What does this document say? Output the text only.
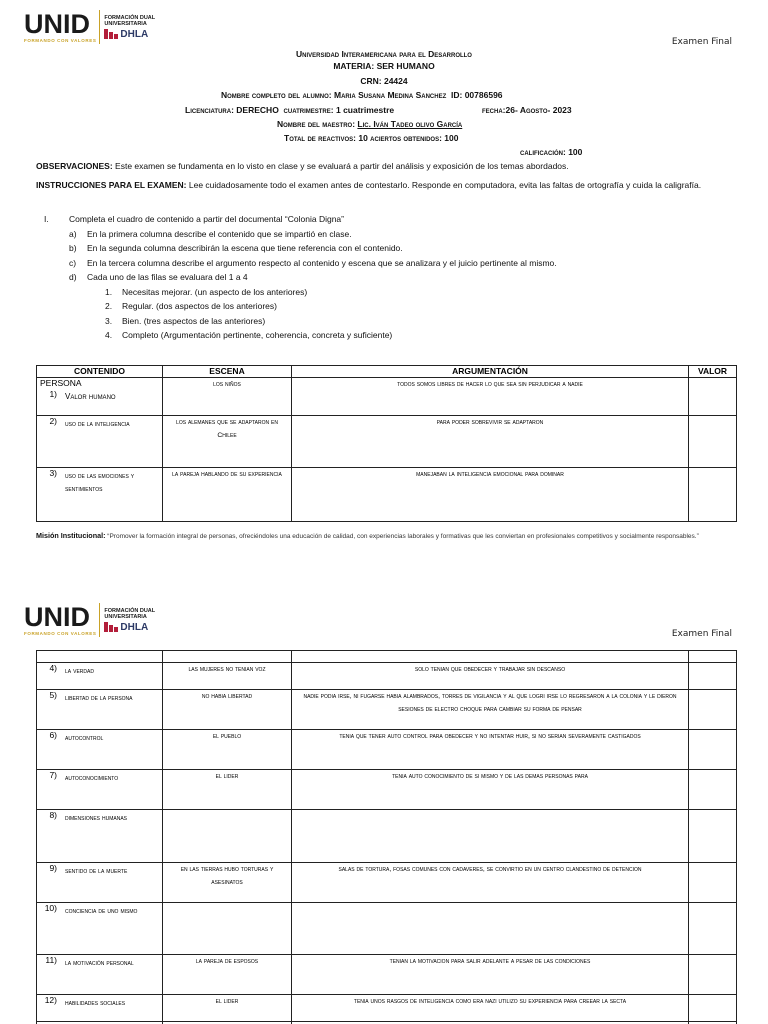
UNID
FORMANDO CON VALORES
FORMACIÓN DUAL
UNIVERSITARIA
DHLA
Examen Final
Universidad Interamericana para el Desarrollo
MATERIA: SER HUMANO
CRN: 24424
Nombre completo del alumno: Maria Susana Medina Sanchez ID: 00786596
Licenciatura: DERECHO cuatrimestre: 1 cuatrimestre	fecha:26- Agosto- 2023
Nombre del maestro: Lic. Iván Tadeo olivo García
Total de reactivos: 10 aciertos obtenidos: 100
calificación: 100
OBSERVACIONES: Este examen se fundamenta en lo visto en clase y se evaluará a partir del análisis y exposición de los temas abordados.
INSTRUCCIONES PARA EL EXAMEN: Lee cuidadosamente todo el examen antes de contestarlo. Responde en computadora, evita las faltas de ortografía y cuida la caligrafía.
I. Completa el cuadro de contenido a partir del documental “Colonia Digna”
a) En la primera columna describe el contenido que se impartió en clase.
b) En la segunda columna describirán la escena que tiene referencia con el contenido.
c) En la tercera columna describe el argumento respecto al contenido y escena que se analizara y el juicio pertinente al mismo.
d) Cada uno de las filas se evaluara del 1 a 4
1. Necesitas mejorar. (un aspecto de los anteriores)
2. Regular. (dos aspectos de los anteriores)
3. Bien. (tres aspectos de las anteriores)
4. Completo (Argumentación pertinente, coherencia, concreta y suficiente)
CONTENIDO	ESCENA	ARGUMENTACIÓN	VALOR

PERSONA
1) Valor humano	los niños	todos somos libres de hacer lo que sea sin perjudicar a nadie	

2) uso de la inteligencia	los alemanes que se adaptaron en Chilee	para poder sobrevivir se adaptaron	

3) uso de las emociones y sentimientos	la pareja hablando de su experiencia	manejaban la inteligencia emocional para dominar	
Misión Institucional: “Promover la formación integral de personas, ofreciéndoles una educación de calidad, con experiencias laborales y formativas que les conviertan en profesionales competitivos y socialmente responsables.”
UNID
FORMANDO CON VALORES
FORMACIÓN DUAL
UNIVERSITARIA
DHLA
Examen Final

4) la verdad	las mujeres no tenian voz	solo tenian que obedecer y trabajar sin descanso	

5) libertad de la persona	no habia libertad	nadie podia irse, ni fugarse habia alambrados, torres de vigilancia y al que logri irse lo regresaron a la colonia y le dieron sesiones de electro choque para cambiar su forma de pensar	

6) autocontrol	el pueblo	tenia que tener auto control para obedecer y no intentar huir, si no serian severamente castigados	

7) autoconocimiento	el lider	tenia auto conocimiento de si mismo y de las demas personas para	

8) dimensiones humanas			

9) sentido de la muerte	en las tierras hubo torturas y asesinatos	salas de tortura, fosas comunes con cadaveres, se convirtio en un centro clandestino de detencion	

10) conciencia de uno mismo			

11) la motivación personal	la pareja de esposos	tenian la motivacion para salir adelante a pesar de las condiciones	

12) habilidades sociales	el lider	tenia unos rasgos de inteligencia como era nazi utilizo su experiencia para creear la secta	
